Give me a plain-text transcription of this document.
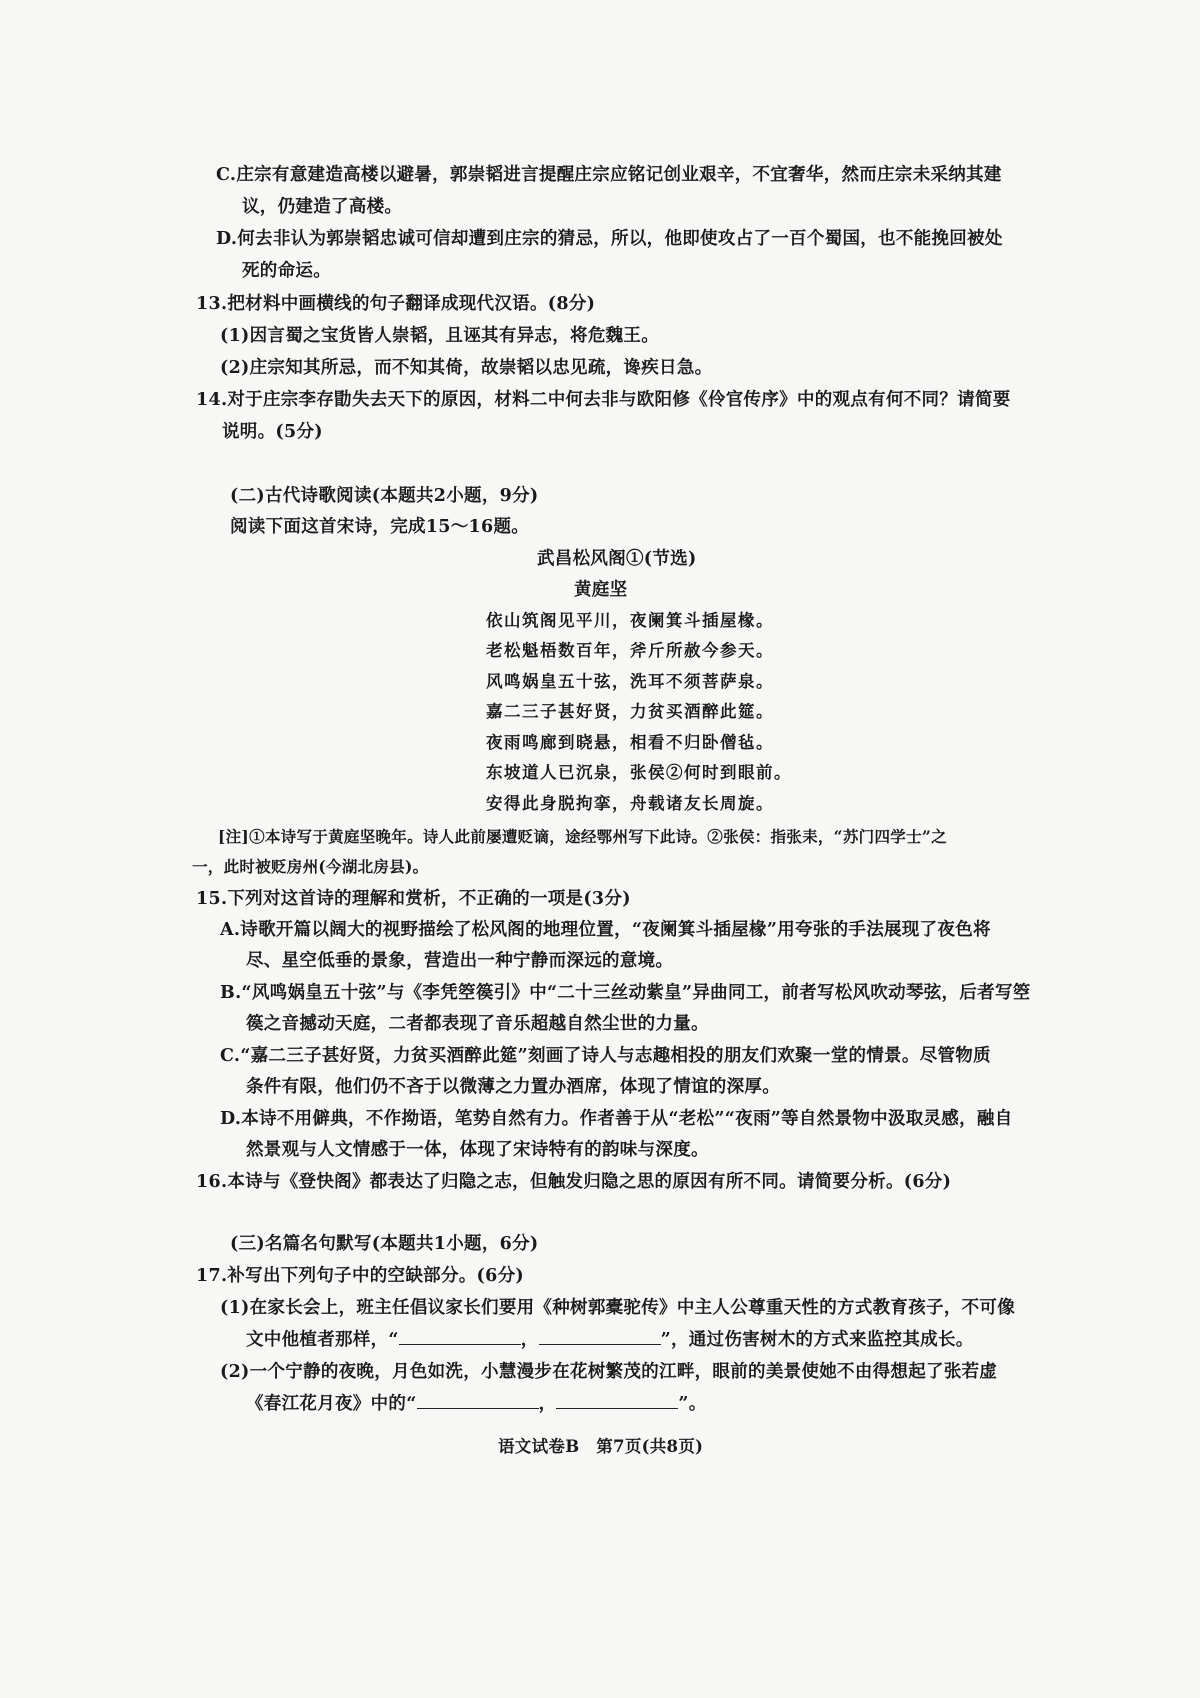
C.庄宗有意建造高楼以避暑，郭崇韬进言提醒庄宗应铭记创业艰辛，不宜奢华，然而庄宗未采纳其建
议，仍建造了高楼。
D.何去非认为郭崇韬忠诚可信却遭到庄宗的猜忌，所以，他即使攻占了一百个蜀国，也不能挽回被处
死的命运。
13.把材料中画横线的句子翻译成现代汉语。(8分)
(1)因言蜀之宝货皆人崇韬，且诬其有异志，将危魏王。
(2)庄宗知其所忌，而不知其倚，故崇韬以忠见疏，谗疾日急。
14.对于庄宗李存勖失去天下的原因，材料二中何去非与欧阳修《伶官传序》中的观点有何不同？请简要
说明。(5分)
(二)古代诗歌阅读(本题共2小题，9分)
阅读下面这首宋诗，完成15～16题。
武昌松风阁①(节选)
黄庭坚
依山筑阁见平川，夜阑箕斗插屋椽。
老松魁梧数百年，斧斤所赦今参天。
风鸣娲皇五十弦，洗耳不须菩萨泉。
嘉二三子甚好贤，力贫买酒醉此筵。
夜雨鸣廊到晓悬，相看不归卧僧毡。
东坡道人已沉泉，张侯②何时到眼前。
安得此身脱拘挛，舟载诸友长周旋。
[注]①本诗写于黄庭坚晚年。诗人此前屡遭贬谪，途经鄂州写下此诗。②张侯：指张耒，“苏门四学士”之
一，此时被贬房州(今湖北房县)。
15.下列对这首诗的理解和赏析，不正确的一项是(3分)
A.诗歌开篇以阔大的视野描绘了松风阁的地理位置，“夜阑箕斗插屋椽”用夸张的手法展现了夜色将
尽、星空低垂的景象，营造出一种宁静而深远的意境。
B.“风鸣娲皇五十弦”与《李凭箜篌引》中“二十三丝动紫皇”异曲同工，前者写松风吹动琴弦，后者写箜
篌之音撼动天庭，二者都表现了音乐超越自然尘世的力量。
C.“嘉二三子甚好贤，力贫买酒醉此筵”刻画了诗人与志趣相投的朋友们欢聚一堂的情景。尽管物质
条件有限，他们仍不吝于以微薄之力置办酒席，体现了情谊的深厚。
D.本诗不用僻典，不作拗语，笔势自然有力。作者善于从“老松”“夜雨”等自然景物中汲取灵感，融自
然景观与人文情感于一体，体现了宋诗特有的韵味与深度。
16.本诗与《登快阁》都表达了归隐之志，但触发归隐之思的原因有所不同。请简要分析。(6分)
(三)名篇名句默写(本题共1小题，6分)
17.补写出下列句子中的空缺部分。(6分)
(1)在家长会上，班主任倡议家长们要用《种树郭橐驼传》中主人公尊重天性的方式教育孩子，不可像
文中他植者那样，“	，	”，通过伤害树木的方式来监控其成长。
(2)一个宁静的夜晚，月色如洗，小慧漫步在花树繁茂的江畔，眼前的美景使她不由得想起了张若虚
《春江花月夜》中的“	，	”。
语文试卷B　第7页(共8页)
